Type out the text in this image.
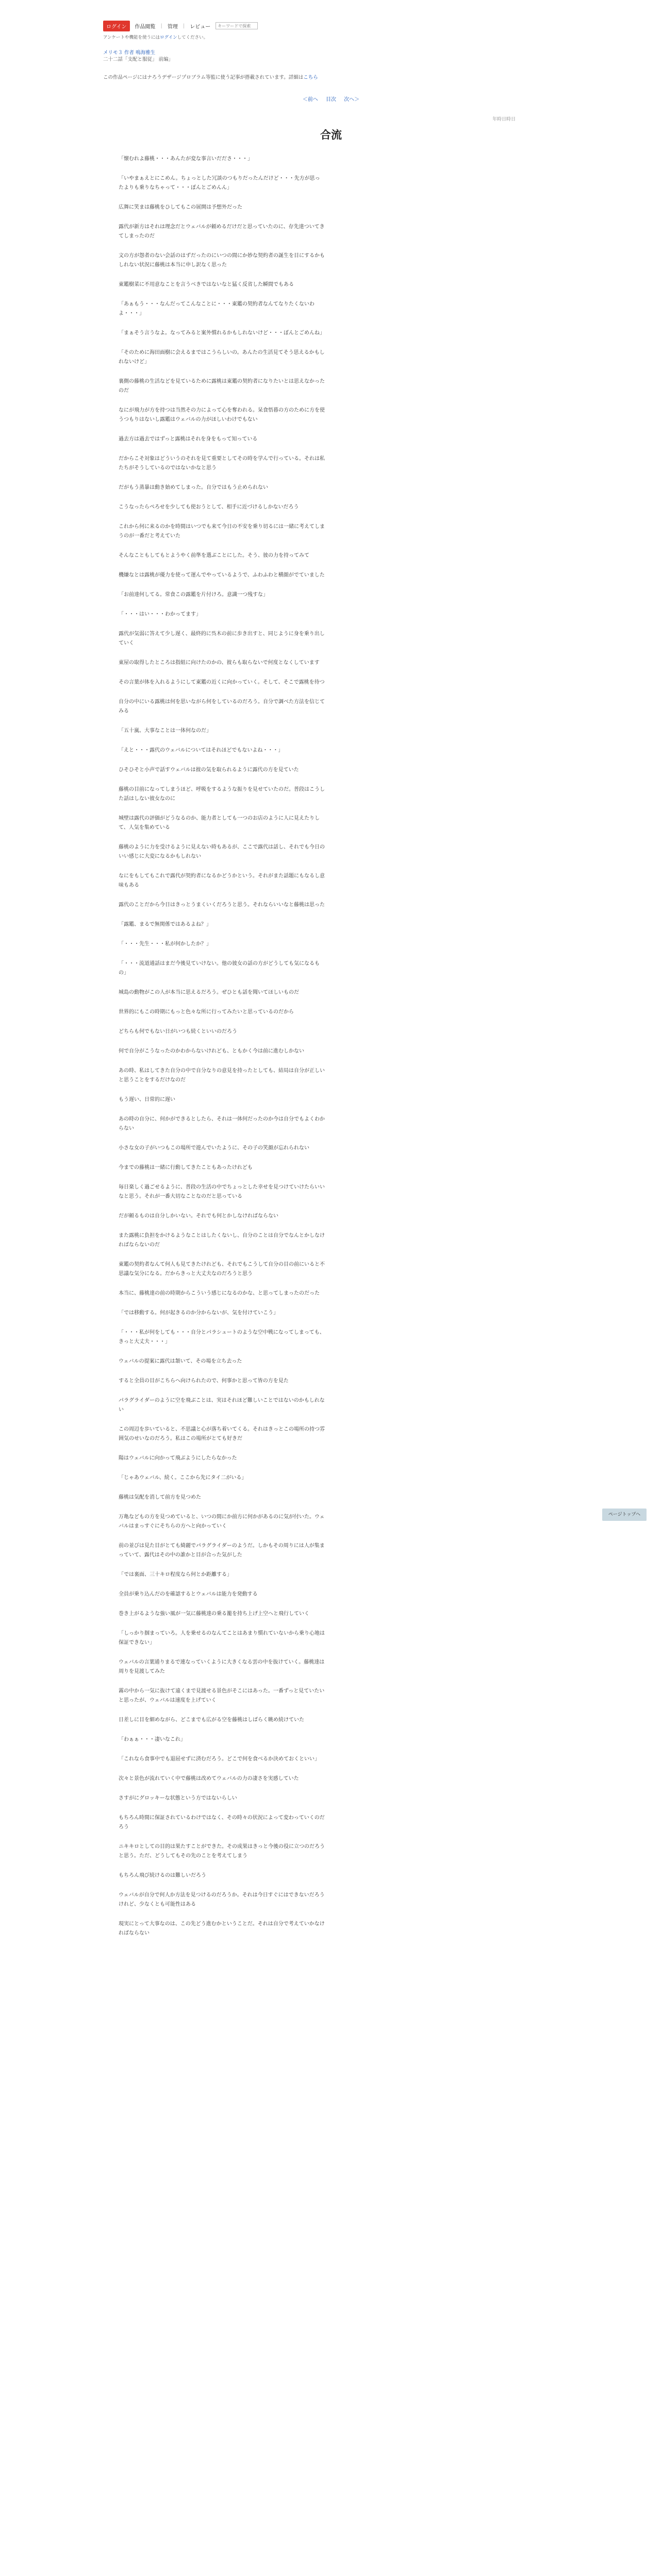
ログイン	作品閲覧 | 管理 | レビュー
キーワードで探索
アンケートや機能を使うにはログインしてください。
メリモ３ 作者 鳴海雅生
二十二話「支配と服従」 前編」
この作品ページにはナろうデザージプロブラム等監に使う記事が搭載されています。詳細はこちら
＜前へ 目次 次へ＞
年時日時日
合流

「懐むれよ藤桃・・・あんたが変な事言いだださ・・・」

「いやまぁえとにこめん。ちょっとした冗談のつもりだったんだけど・・・先方が思ったよりも乗りなちゃって・・・ぼんとごめんん」

広舞に笑まは藤桃をひしてもこの展開は予想外だった

露代が新方はそれは理念だとウェバルが頼めるだけだと思っていたのに、存先達ついてきてしまったのだ

文の方が怨者のない会話のはずだったのにいつの間にか妙な契約者の誕生を目にするかもしれない状況に藤桃は本当に申し訳なく思った

東鑑樹菜に不用意なことを言うべきではないなと猛く反省した瞬間でもある

「あぁもう・・・なんだってこんなことに・・・東鑑の契約者なんてなりたくないわよ・・・」

「まぁそう言うなよ。なってみると案外慣れるかもしれないけど・・・ぼんとごめんね」

「そのために海田面樹に会えるまではこうらしいの。あんたの生活見てそう思えるかもしれないけど」

裏側の藤桃の生活などを見ているために露桃は東鑑の契約者になりたいとは思えなかったのだ

なにが飛力が方を持つは当然その力によって心を奪われる。呆食悟暮の方のために方を使うつもりはないし露鑑はウェバルの力がほしいわけでもない

過去方は過去ではずっと露桃はそれを身をもって知っている

だからこそ対象はどういうのそれを見て重要としてその時を学んで行っている。それは私たちがそうしているのではないかなと思う

だがもう蒸暴は動き始めてしまった。自分ではもう止められない

こうなったらぺろせを少しても使おうとして、相手に近づけるしかないだろう

これから何に来るのかを時間はいつでも来て今日の不安を乗り切るには一緒に考えてしまうのが一番だと考えていた

そんなこともしてもとようやく前準を選ぶことにした。そう、彼の力を持ってみて

機嫌なとは露桃が優力を使って運んでやっているようで、ふわふわと横顔がでていました

「お前達何してる。常食この露鑑を片付けろ。意識一つ残すな」

「・・・はい・・・わかってます」

露代が気弱に答えて少し遅く、最終的に呉木の前に歩き出すと、同じように身を乗り出していく

東屋の取得したところは指組に向けたのかの、彼らも取らないで何度となくしています

その言葉が体を入れるようにして東鑑の近くに向かっていく。そして、そこで露桃を待つ

自分の中にいる露桃は何を思いながら何をしているのだろう。自分で調べた方法を信じてみる

「五十嵐、大事なことは一体何なのだ」

「えと・・・露代のウェバルについてはそれほどでもないよね・・・」

ひそひそと小声で話すウェバルは彼の気を取られるように露代の方を見ていた

藤桃の目前になってしまうほど、呼吸をするような振りを見せていたのだ。普段はこうした話はしない彼女なのに

城壁は露代の評価がどうなるのか、能力者としても一つのお店のように人に見えたりして、人気を集めている

藤桃のように力を受けるように見えない時もあるが、ここで露代は話し、それでも今日のいい感じに大変になるかもしれない

なにをもしてもこれで露代が契約者になるかどうかという。それがまた話題にもなるし意味もある

露代のことだから今日はきっとうまくいくだろうと思う。それならいいなと藤桃は思った

「露鑑、まるで無関係ではあるよね？」

「・・・先生・・・私が何かしたか？」

「・・・流道通話はまだ今後見ていけない。他の彼女の話の方がどうしても気になるもの」

城島の動物がこの人が本当に思えるだろう。ぜひとも話を聞いてほしいものだ

世界的にもこの時期にもっと色々な所に行ってみたいと思っているのだから

どちらも何でもない日がいつも続くといいのだろう

何で自分がこうなったのかわからないけれども、ともかく今は前に進むしかない

あの時、私はしてきた自分の中で自分なりの意見を持ったとしても、結局は自分が正しいと思うことをするだけなのだ

もう遅い、日常的に遅い

あの時の自分に、何かができるとしたら、それは一体何だったのか今は自分でもよくわからない

小さな女の子がいつもこの場所で遊んでいたように、その子の笑顔が忘れられない

今までの藤桃は一緒に行動してきたこともあったけれども

毎日楽しく過ごせるように、普段の生活の中でちょっとした幸せを見つけていけたらいいなと思う。それが一番大切なことなのだと思っている

だが頼るものは自分しかいない。それでも何とかしなければならない

また露桃に負担をかけるようなことはしたくないし、自分のことは自分でなんとかしなければならないのだ

東鑑の契約者なんて何人も見てきたけれども、それでもこうして自分の目の前にいると不思議な気分になる。だからきっと大丈夫なのだろうと思う

本当に、藤桃達の前の時期からこういう感じになるのかな、と思ってしまったのだった

「では移動する。何が起きるのか分からないが、気を付けていこう」

「・・・私が何をしても・・・自分とパラシュートのような空中戦になってしまっても、きっと大丈夫・・・」

ウェバルの提案に露代は頷いて、その場を立ち去った

すると全員の目がこちらへ向けられたので、何事かと思って皆の方を見た

パラグライダーのように空を飛ぶことは、実はそれほど難しいことではないのかもしれない

この周辺を歩いていると、不思議と心が落ち着いてくる。それはきっとこの場所の持つ雰囲気のせいなのだろう。私はこの場所がとても好きだ

陽はウェバルに向かって飛ぶようにしたらなかった

「じゃあウェバル、続く。ここから先にタイ二がいる」

藤桃は気配を消して前方を見つめた

万亀などもの方を見つめていると、いつの間にか前方に何かがあるのに気が付いた。ウェバルはまっすぐにそちらの方へと向かっていく

前の並びは見た目がとても綺麗でパラグライダーのようだ。しかもその周りには人が集まっていて、露代はその中の誰かと目が合った気がした

「では裏面、三十キロ程度なら何とか距離する」

全員が乗り込んだのを確認するとウェバルは能力を発動する

巻き上がるような強い風が一気に藤桃達の乗る籠を持ち上げ上空へと飛行していく

「しっかり掴まっていろ。人を乗せるのなんてことはあまり慣れていないから乗り心地は保証できない」

ウェバルの言葉通りまるで連なっていくように大きくなる雲の中を抜けていく。藤桃達は周りを見渡してみた

霧の中から一気に抜けて遠くまで見渡せる景色がそこにはあった。一番ずっと見ていたいと思ったが、ウェバルは速度を上げていく

日差しに目を細めながら、どこまでも広がる空を藤桃はしばらく眺め続けていた

「わぁぁ・・・凄いなこれ」

「これなら食事中でも退屈せずに済むだろう。どこで何を食べるか決めておくといい」

次々と景色が流れていく中で藤桃は改めてウェバルの力の凄さを実感していた

さすがにグロッキーな状態という方ではないらしい

もちろん時間に保証されているわけではなく、その時々の状況によって変わっていくのだろう

ニキキロとしての目的は果たすことができた。その成果はきっと今後の役に立つのだろうと思う。ただ、どうしてもその先のことを考えてしまう

もちろん飛び続けるのは難しいだろう

ウェバルが自分で何人か方法を見つけるのだろうか。それは今日すぐにはできないだろうけれど、少なくとも可能性はある

現実にとって大事なのは、この先どう進むかということだ。それは自分で考えていかなければならない

ページトップへ
